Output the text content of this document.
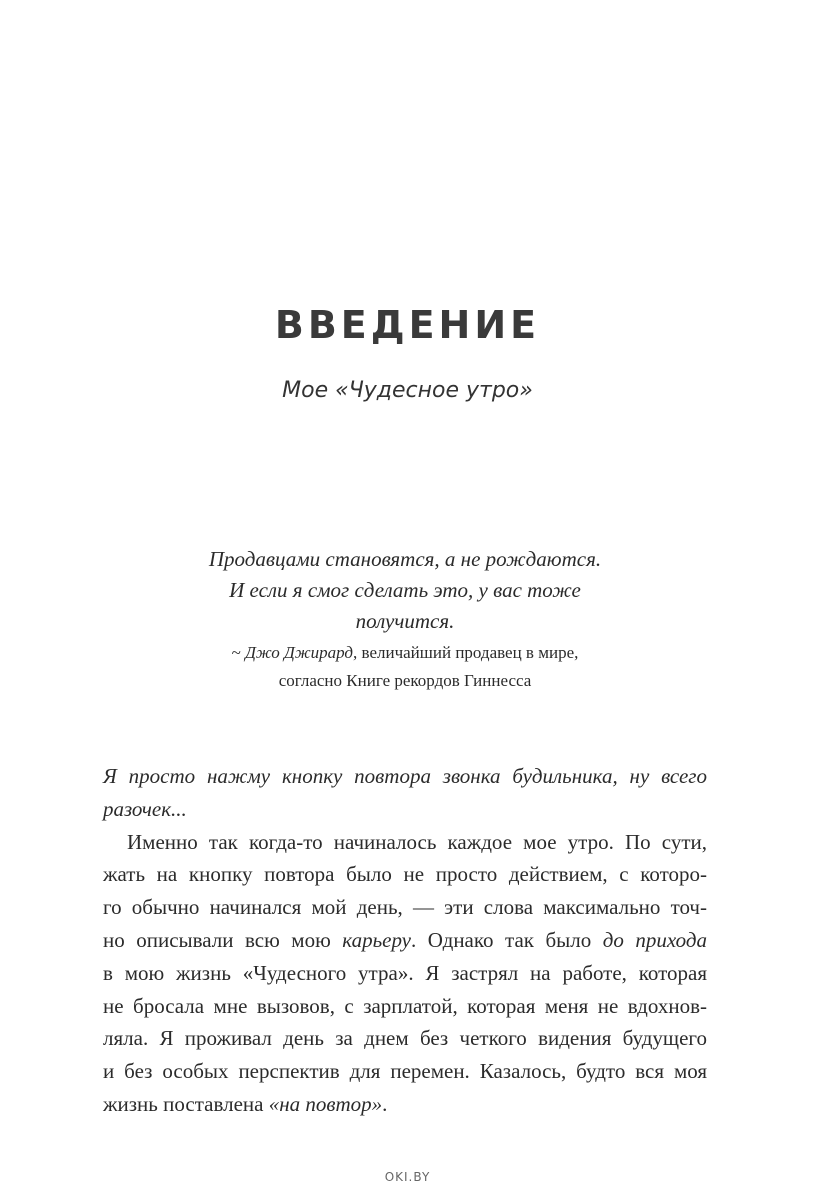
ВВЕДЕНИЕ
Мое «Чудесное утро»
Продавцами становятся, а не рождаются.
И если я смог сделать это, у вас тоже
получится.
~ Джо Джирард, величайший продавец в мире,
согласно Книге рекордов Гиннесса
Я просто нажму кнопку повтора звонка будильника, ну всего
разочек...
Именно так когда-то начиналось каждое мое утро. По сути,
жать на кнопку повтора было не просто действием, с которо-
го обычно начинался мой день, — эти слова максимально точ-
но описывали всю мою карьеру. Однако так было до прихода
в мою жизнь «Чудесного утра». Я застрял на работе, которая
не бросала мне вызовов, с зарплатой, которая меня не вдохнов-
ляла. Я проживал день за днем без четкого видения будущего
и без особых перспектив для перемен. Казалось, будто вся моя
жизнь поставлена «на повтор».
OKI.BY
